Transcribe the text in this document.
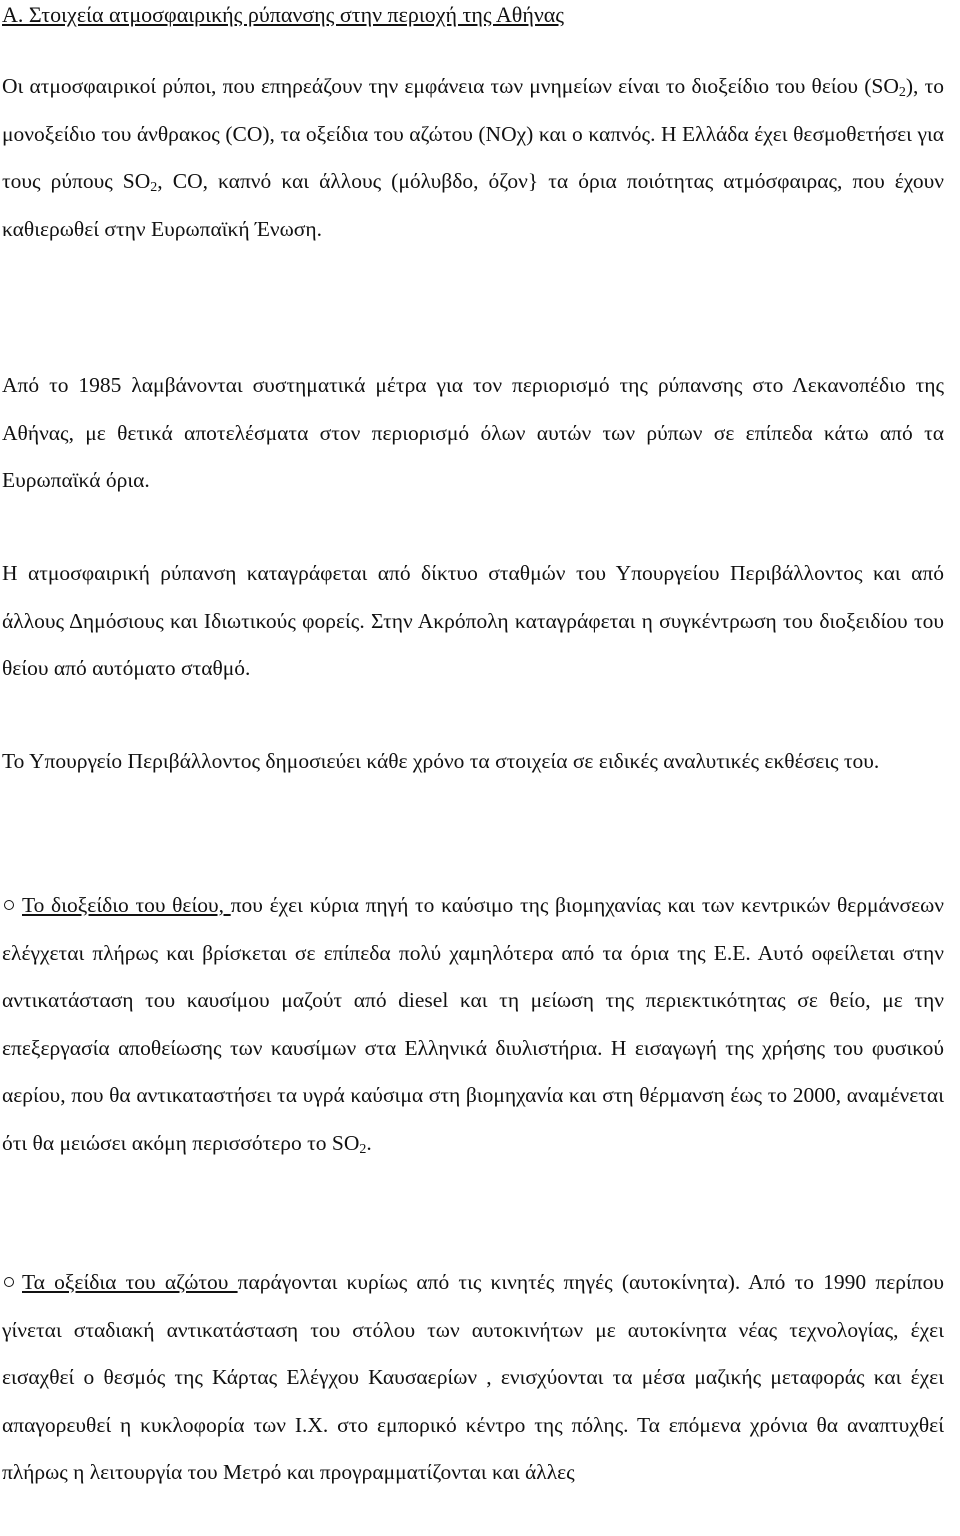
Α. Στοιχεία ατμοσφαιρικής ρύπανσης στην περιοχή της Αθήνας

Οι ατμοσφαιρικοί ρύποι, που επηρεάζουν την εμφάνεια των μνημείων είναι το διοξείδιο του θείου $(SO_2)$, το μονοξείδιο του άνθρακος (CO), τα οξείδια του αζώτου (NOχ) και ο καπνός. Η Ελλάδα έχει θεσμοθετήσει για τους ρύπους $SO_2$, CO, καπνό και άλλους (μόλυβδο, όζον} τα όρια ποιότητας ατμόσφαιρας, που έχουν καθιερωθεί στην Ευρωπαϊκή Ένωση.

Από το 1985 λαμβάνονται συστηματικά μέτρα για τον περιορισμό της ρύπανσης στο Λεκανοπέδιο της Αθήνας, με θετικά αποτελέσματα στον περιορισμό όλων αυτών των ρύπων σε επίπεδα κάτω από τα Ευρωπαϊκά όρια.

Η ατμοσφαιρική ρύπανση καταγράφεται από δίκτυο σταθμών του Υπουργείου Περιβάλλοντος και από άλλους Δημόσιους και Ιδιωτικούς φορείς. Στην Ακρόπολη καταγράφεται η συγκέντρωση του διοξειδίου του θείου από αυτόματο σταθμό.

Το Υπουργείο Περιβάλλοντος δημοσιεύει κάθε χρόνο τα στοιχεία σε ειδικές αναλυτικές εκθέσεις του.

Το διοξείδιο του θείου, που έχει κύρια πηγή το καύσιμο της βιομηχανίας και των κεντρικών θερμάνσεων ελέγχεται πλήρως και βρίσκεται σε επίπεδα πολύ χαμηλότερα από τα όρια της Ε.Ε. Αυτό οφείλεται στην αντικατάσταση του καυσίμου μαζούτ από diesel και τη μείωση της περιεκτικότητας σε θείο, με την επεξεργασία αποθείωσης των καυσίμων στα Ελληνικά διυλιστήρια. Η εισαγωγή της χρήσης του φυσικού αερίου, που θα αντικαταστήσει τα υγρά καύσιμα στη βιομηχανία και στη θέρμανση έως το 2000, αναμένεται ότι θα μειώσει ακόμη περισσότερο το $SO_2$.

Τα οξείδια του αζώτου παράγονται κυρίως από τις κινητές πηγές (αυτοκίνητα). Από το 1990 περίπου γίνεται σταδιακή αντικατάσταση του στόλου των αυτοκινήτων με αυτοκίνητα νέας τεχνολογίας, έχει εισαχθεί ο θεσμός της Κάρτας Ελέγχου Καυσαερίων , ενισχύονται τα μέσα μαζικής μεταφοράς και έχει απαγορευθεί η κυκλοφορία των Ι.Χ. στο εμπορικό κέντρο της πόλης. Τα επόμενα χρόνια θα αναπτυχθεί πλήρως η λειτουργία του Μετρό και προγραμματίζονται και άλλες
